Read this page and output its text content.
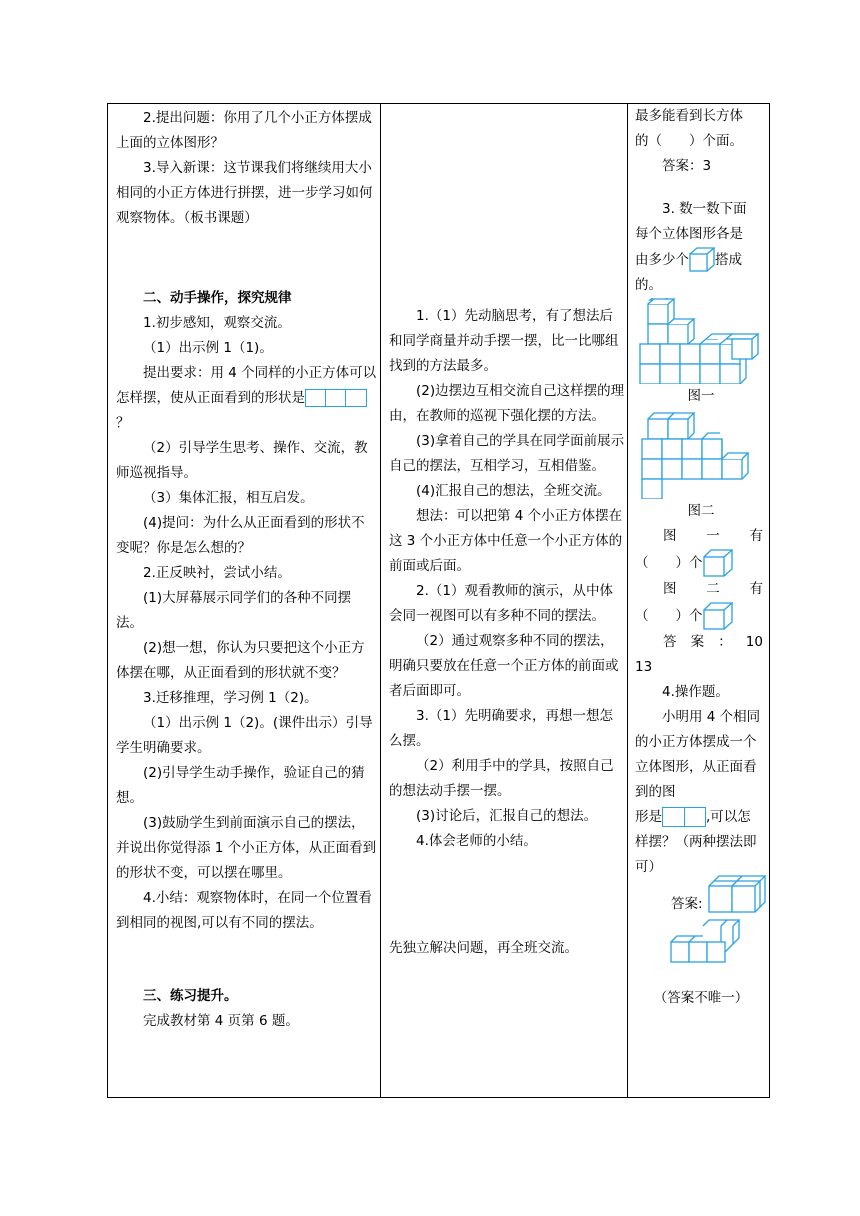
2.提出问题：你用了几个小正方体摆成上面的立体图形？

3.导入新课：这节课我们将继续用大小相同的小正方体进行拼摆，进一步学习如何观察物体。（板书课题）

二、动手操作，探究规律

1.初步感知，观察交流。

（1）出示例 1（1)。

提出要求：用 4 个同样的小正方体可以怎样摆，使从正面看到的形状是
？

（2）引导学生思考、操作、交流，教师巡视指导。

（3）集体汇报，相互启发。

(4)提问：为什么从正面看到的形状不变呢？你是怎么想的？

2.正反映衬，尝试小结。

(1)大屏幕展示同学们的各种不同摆法。

(2)想一想，你认为只要把这个小正方体摆在哪，从正面看到的形状就不变？

3.迁移推理，学习例 1（2)。

（1）出示例 1（2)。(课件出示）引导学生明确要求。

(2)引导学生动手操作，验证自己的猜想。

(3)鼓励学生到前面演示自己的摆法，并说出你觉得添 1 个小正方体，从正面看到的形状不变，可以摆在哪里。

4.小结：观察物体时，在同一个位置看到相同的视图,可以有不同的摆法。

三、练习提升。

完成教材第 4 页第 6 题。

1.（1）先动脑思考，有了想法后和同学商量并动手摆一摆，比一比哪组找到的方法最多。

(2)边摆边互相交流自己这样摆的理由，在教师的巡视下强化摆的方法。

(3)拿着自己的学具在同学面前展示自己的摆法，互相学习，互相借鉴。

(4)汇报自己的想法，全班交流。

想法：可以把第 4 个小正方体摆在这 3 个小正方体中任意一个小正方体的前面或后面。

2.（1）观看教师的演示，从中体会同一视图可以有多种不同的摆法。

（2）通过观察多种不同的摆法，明确只要放在任意一个正方体的前面或者后面即可。

3.（1）先明确要求，再想一想怎么摆。

（2）利用手中的学具，按照自己的想法动手摆一摆。

(3)讨论后，汇报自己的想法。

4.体会老师的小结。

先独立解决问题，再全班交流。

最多能看到长方体

的（　　）个面。

答案：3

3. 数一数下面

每个立体图形各是

由多少个 搭成

的。

图一

图二

图 一 有

（　　）个

图 二 有

（　　）个

答 案 ： 10

13

4.操作题。

小明用 4 个相同的小正方体摆成一个立体图形，从正面看到的图

形是	,可以怎

样摆？（两种摆法即可）

答案:

（答案不唯一）
